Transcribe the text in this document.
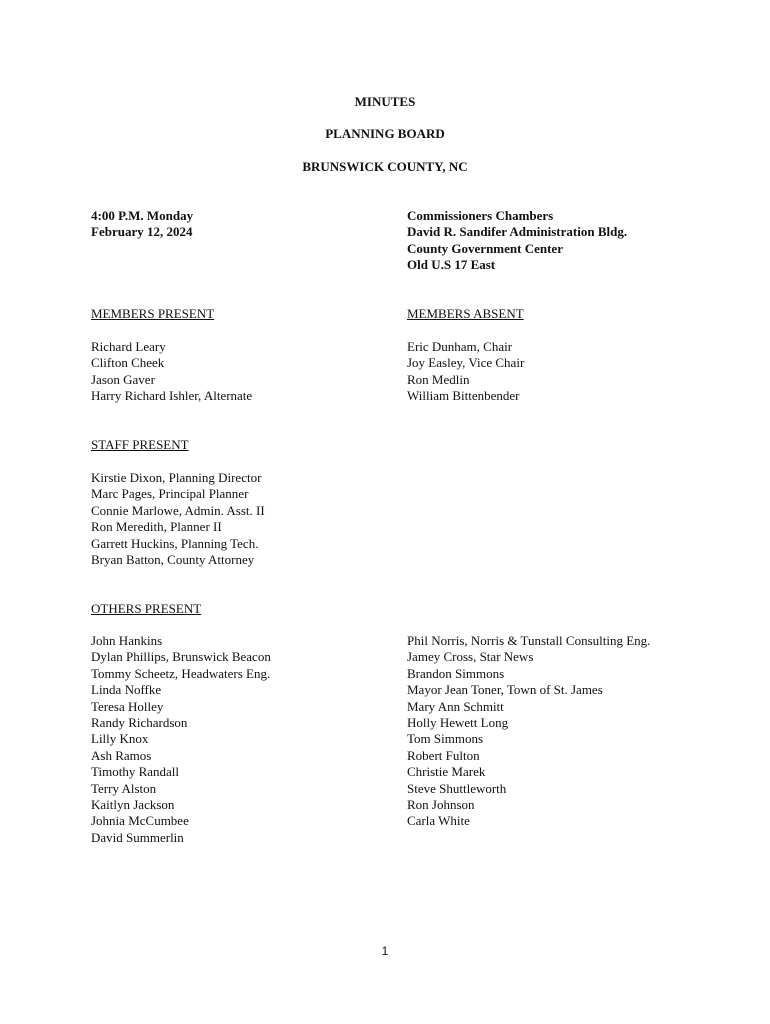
MINUTES
PLANNING BOARD
BRUNSWICK COUNTY, NC
4:00 P.M. Monday
February 12, 2024
Commissioners Chambers
David R. Sandifer Administration Bldg.
County Government Center
Old U.S 17 East
MEMBERS PRESENT	MEMBERS ABSENT
Richard Leary
Clifton Cheek
Jason Gaver
Harry Richard Ishler, Alternate
Eric Dunham, Chair
Joy Easley, Vice Chair
Ron Medlin
William Bittenbender
STAFF PRESENT
Kirstie Dixon, Planning Director
Marc Pages, Principal Planner
Connie Marlowe, Admin. Asst. II
Ron Meredith, Planner II
Garrett Huckins, Planning Tech.
Bryan Batton, County Attorney
OTHERS PRESENT
John Hankins
Dylan Phillips, Brunswick Beacon
Tommy Scheetz, Headwaters Eng.
Linda Noffke
Teresa Holley
Randy Richardson
Lilly Knox
Ash Ramos
Timothy Randall
Terry Alston
Kaitlyn Jackson
Johnia McCumbee
David Summerlin
Phil Norris, Norris & Tunstall Consulting Eng.
Jamey Cross, Star News
Brandon Simmons
Mayor Jean Toner, Town of St. James
Mary Ann Schmitt
Holly Hewett Long
Tom Simmons
Robert Fulton
Christie Marek
Steve Shuttleworth
Ron Johnson
Carla White
1
